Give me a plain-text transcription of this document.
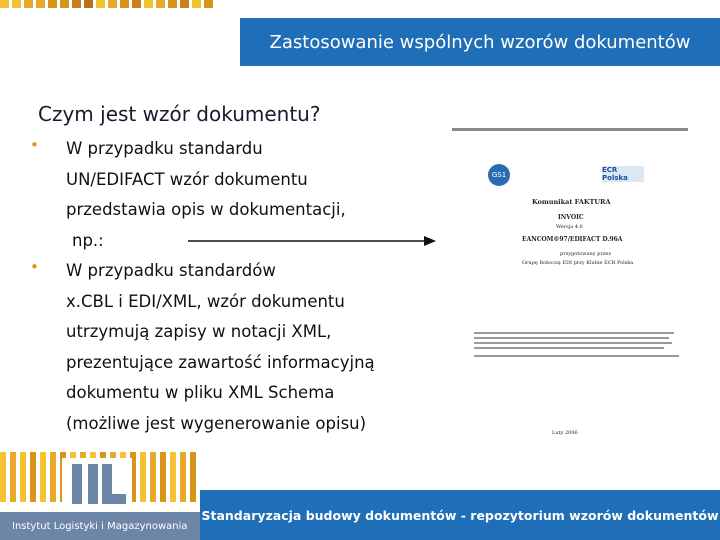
Zastosowanie wspólnych wzorów dokumentów
Czym jest wzór dokumentu?
• W przypadku standardu
UN/EDIFACT wzór dokumentu
przedstawia opis w dokumentacji,
np.:
• W przypadku standardów
x.CBL i EDI/XML, wzór dokumentu
utrzymują zapisy w notacji XML,
prezentujące zawartość informacyjną
dokumentu w pliku XML Schema
(możliwe jest wygenerowanie opisu)
GS1
ECR Polska
Komunikat FAKTURA
INVOIC
Wersja 4.0
EANCOM®97/EDIFACT D.96A
przygotowany przez
Grupę Roboczą EDI przy Klubie ECR Polska
Luty 2006
Instytut Logistyki i Magazynowania
Standaryzacja budowy dokumentów - repozytorium wzorów dokumentów
